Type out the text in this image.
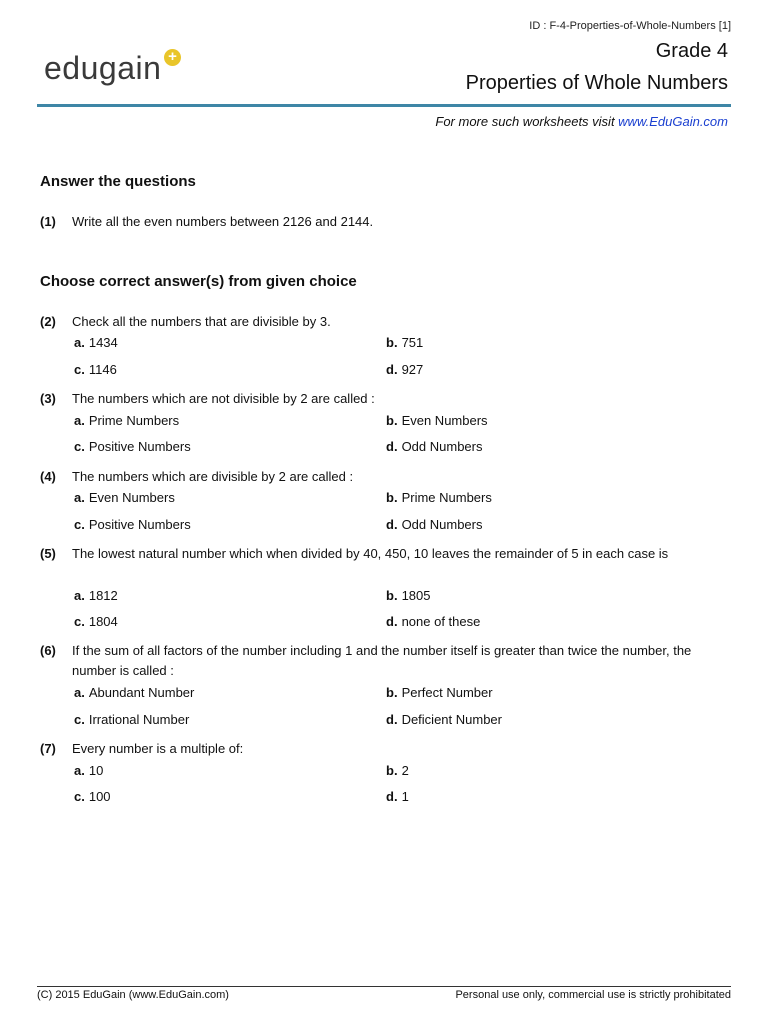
ID : F-4-Properties-of-Whole-Numbers [1]
edugain +	Grade 4
Properties of Whole Numbers
For more such worksheets visit www.EduGain.com
Answer the questions
(1) Write all the even numbers between 2126 and 2144.
Choose correct answer(s) from given choice
(2) Check all the numbers that are divisible by 3.
a. 1434	b. 751
c. 1146	d. 927
(3) The numbers which are not divisible by 2 are called :
a. Prime Numbers	b. Even Numbers
c. Positive Numbers	d. Odd Numbers
(4) The numbers which are divisible by 2 are called :
a. Even Numbers	b. Prime Numbers
c. Positive Numbers	d. Odd Numbers
(5) The lowest natural number which when divided by 40, 450, 10 leaves the remainder of 5 in each case is
a. 1812	b. 1805
c. 1804	d. none of these
(6) If the sum of all factors of the number including 1 and the number itself is greater than twice the number, the number is called :
a. Abundant Number	b. Perfect Number
c. Irrational Number	d. Deficient Number
(7) Every number is a multiple of:
a. 10	b. 2
c. 100	d. 1
(C) 2015 EduGain (www.EduGain.com)	Personal use only, commercial use is strictly prohibitated
